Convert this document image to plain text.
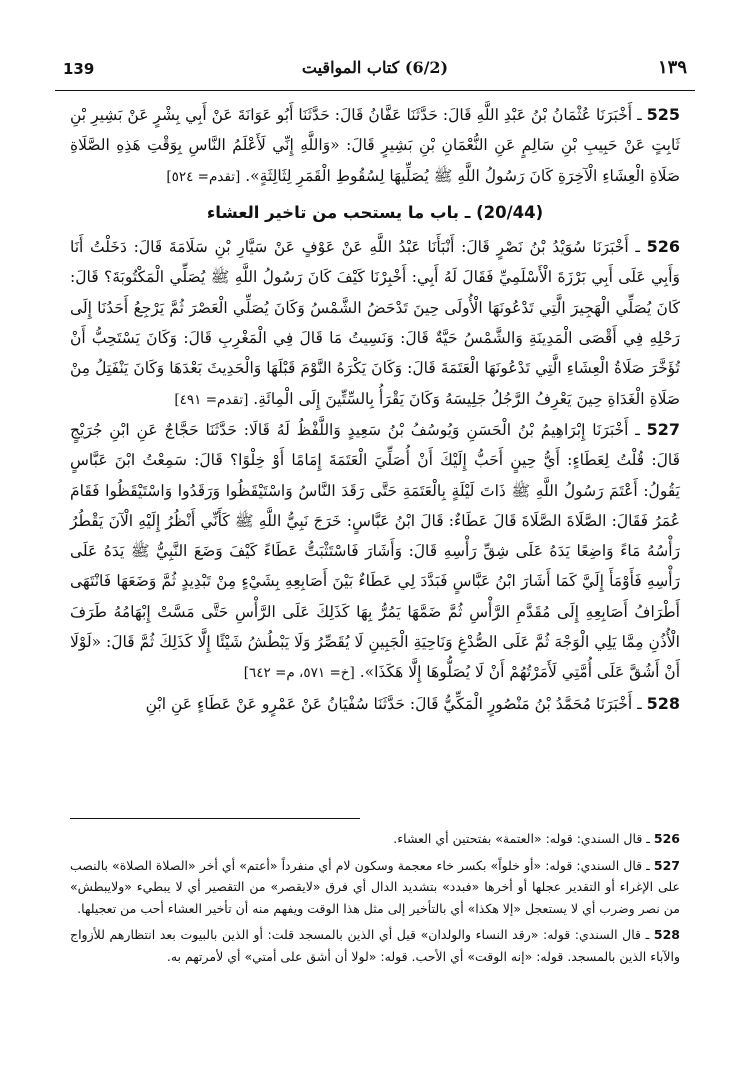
139	(6/2) كتاب المواقيت	١٣٩

525 ـ أَخْبَرَنَا عُثْمَانُ بْنُ عَبْدِ اللَّهِ قَالَ: حَدَّثَنَا عَفَّانُ قَالَ: حَدَّثَنَا أَبُو عَوَانَةَ عَنْ أَبِي بِشْرٍ عَنْ بَشِيرِ بْنِ ثَابِتٍ عَنْ حَبِيبِ بْنِ سَالِمٍ عَنِ النُّعْمَانِ بْنِ بَشِيرٍ قَالَ: «وَاللَّهِ إِنِّي لَأَعْلَمُ النَّاسِ بِوَقْتِ هَذِهِ الصَّلَاةِ صَلَاةِ الْعِشَاءِ الْآخِرَةِ كَانَ رَسُولُ اللَّهِ ﷺ يُصَلِّيهَا لِسُقُوطِ الْقَمَرِ لِثَالِثَةٍ». [تقدم= ٥٢٤]

(20/44) ـ باب ما يستحب من تاخير العشاء

526 ـ أَخْبَرَنَا سُوَيْدُ بْنُ نَصْرٍ قَالَ: أَنْبَأَنَا عَبْدُ اللَّهِ عَنْ عَوْفٍ عَنْ سَيَّارِ بْنِ سَلَامَةَ قَالَ: دَخَلْتُ أَنَا وَأَبِي عَلَى أَبِي بَرْزَةَ الْأَسْلَمِيِّ فَقَالَ لَهُ أَبِي: أَخْبِرْنَا كَيْفَ كَانَ رَسُولُ اللَّهِ ﷺ يُصَلِّي الْمَكْتُوبَةَ؟ قَالَ: كَانَ يُصَلِّي الْهَجِيرَ الَّتِي تَدْعُونَهَا الْأُولَى حِينَ تَدْحَضُ الشَّمْسُ وَكَانَ يُصَلِّي الْعَصْرَ ثُمَّ يَرْجِعُ أَحَدُنَا إِلَى رَحْلِهِ فِي أَقْصَى الْمَدِينَةِ وَالشَّمْسُ حَيَّةٌ قَالَ: وَنَسِيتُ مَا قَالَ فِي الْمَغْرِبِ قَالَ: وَكَانَ يَسْتَحِبُّ أَنْ تُؤَخَّرَ صَلَاةُ الْعِشَاءِ الَّتِي تَدْعُونَهَا الْعَتَمَةَ قَالَ: وَكَانَ يَكْرَهُ النَّوْمَ قَبْلَهَا وَالْحَدِيثَ بَعْدَهَا وَكَانَ يَنْفَتِلُ مِنْ صَلَاةِ الْغَدَاةِ حِينَ يَعْرِفُ الرَّجُلُ جَلِيسَهُ وَكَانَ يَقْرَأُ بِالسِّتِّينَ إِلَى الْمِائَةِ. [تقدم= ٤٩١]

527 ـ أَخْبَرَنَا إِبْرَاهِيمُ بْنُ الْحَسَنِ وَيُوسُفُ بْنُ سَعِيدٍ وَاللَّفْظُ لَهُ قَالَا: حَدَّثَنَا حَجَّاجٌ عَنِ ابْنِ جُرَيْجٍ قَالَ: قُلْتُ لِعَطَاءٍ: أَيُّ حِينٍ أَحَبُّ إِلَيْكَ أَنْ أُصَلِّيَ الْعَتَمَةَ إِمَامًا أَوْ خِلْوًا؟ قَالَ: سَمِعْتُ ابْنَ عَبَّاسٍ يَقُولُ: أَعْتَمَ رَسُولُ اللَّهِ ﷺ ذَاتَ لَيْلَةٍ بِالْعَتَمَةِ حَتَّى رَقَدَ النَّاسُ وَاسْتَيْقَظُوا وَرَقَدُوا وَاسْتَيْقَظُوا فَقَامَ عُمَرُ فَقَالَ: الصَّلَاةَ الصَّلَاةَ قَالَ عَطَاءٌ: قَالَ ابْنُ عَبَّاسٍ: خَرَجَ نَبِيُّ اللَّهِ ﷺ كَأَنِّي أَنْظُرُ إِلَيْهِ الْآنَ يَقْطُرُ رَأْسُهُ مَاءً وَاضِعًا يَدَهُ عَلَى شِقِّ رَأْسِهِ قَالَ: وَأَشَارَ فَاسْتَثْبَتُّ عَطَاءً كَيْفَ وَضَعَ النَّبِيُّ ﷺ يَدَهُ عَلَى رَأْسِهِ فَأَوْمَأَ إِلَيَّ كَمَا أَشَارَ ابْنُ عَبَّاسٍ فَبَدَّدَ لِي عَطَاءٌ بَيْنَ أَصَابِعِهِ بِشَيْءٍ مِنْ تَبْدِيدٍ ثُمَّ وَضَعَهَا فَانْتَهَى أَطْرَافُ أَصَابِعِهِ إِلَى مُقَدَّمِ الرَّأْسِ ثُمَّ ضَمَّهَا يَمُرُّ بِهَا كَذَلِكَ عَلَى الرَّأْسِ حَتَّى مَسَّتْ إِبْهَامُهُ طَرَفَ الْأُذُنِ مِمَّا يَلِي الْوَجْهَ ثُمَّ عَلَى الصُّدْغِ وَنَاحِيَةِ الْجَبِينِ لَا يُقَصِّرُ وَلَا يَبْطُشُ شَيْئًا إِلَّا كَذَلِكَ ثُمَّ قَالَ: «لَوْلَا أَنْ أَشُقَّ عَلَى أُمَّتِي لَأَمَرْتُهُمْ أَنْ لَا يُصَلُّوهَا إِلَّا هَكَذَا». [خ= ٥٧١، م= ٦٤٢]

528 ـ أَخْبَرَنَا مُحَمَّدُ بْنُ مَنْصُورٍ الْمَكِّيُّ قَالَ: حَدَّثَنَا سُفْيَانُ عَنْ عَمْرٍو عَنْ عَطَاءٍ عَنِ ابْنِ

526 ـ قال السندي: قوله: «العتمة» بفتحتين أي العشاء.

527 ـ قال السندي: قوله: «أو خلواً» بكسر خاء معجمة وسكون لام أي منفرداً «أعتم» أي أخر «الصلاة الصلاة» بالنصب على الإغراء أو التقدير عجلها أو أخرها «فبدد» بتشديد الدال أي فرق «لايقصر» من التقصير أي لا يبطيء «ولايبطش» من نصر وضرب أي لا يستعجل «إلا هكذا» أي بالتأخير إلى مثل هذا الوقت ويفهم منه أن تأخير العشاء أحب من تعجيلها.

528 ـ قال السندي: قوله: «رقد النساء والولدان» قيل أي الذين بالمسجد قلت: أو الذين بالبيوت بعد انتظارهم للأزواج والآباء الذين بالمسجد. قوله: «إنه الوقت» أي الأحب. قوله: «لولا أن أشق على أمتي» أي لأمرتهم به.
